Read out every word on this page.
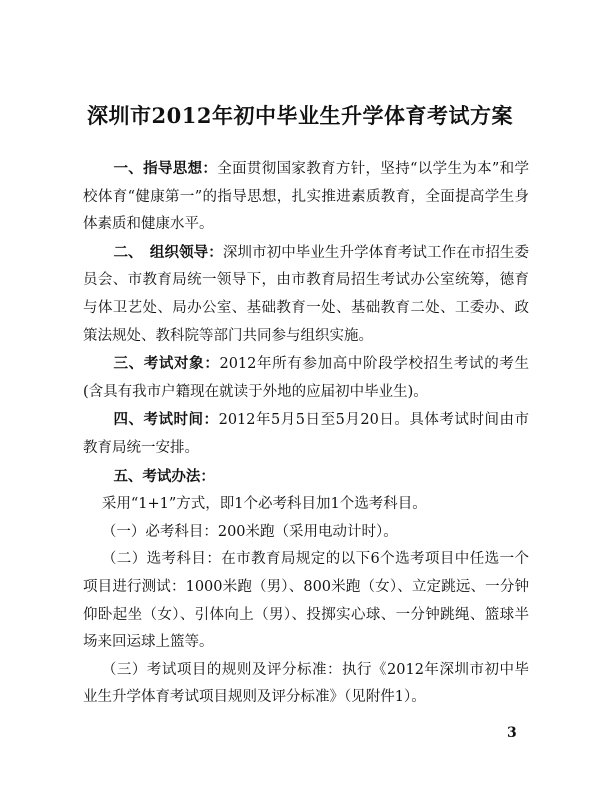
深圳市2012年初中毕业生升学体育考试方案

一、指导思想：全面贯彻国家教育方针，坚持“以学生为本”和学校体育“健康第一”的指导思想，扎实推进素质教育，全面提高学生身体素质和健康水平。

二、　组织领导：深圳市初中毕业生升学体育考试工作在市招生委员会、市教育局统一领导下，由市教育局招生考试办公室统筹，德育与体卫艺处、局办公室、基础教育一处、基础教育二处、工委办、政策法规处、教科院等部门共同参与组织实施。

三、考试对象：2012年所有参加高中阶段学校招生考试的考生(含具有我市户籍现在就读于外地的应届初中毕业生)。

四、考试时间：2012年5月5日至5月20日。具体考试时间由市教育局统一安排。

五、考试办法：

采用“1+1”方式，即1个必考科目加1个选考科目。

（一）必考科目：200米跑（采用电动计时）。

（二）选考科目：在市教育局规定的以下6个选考项目中任选一个项目进行测试：1000米跑（男）、800米跑（女）、立定跳远、一分钟仰卧起坐（女）、引体向上（男）、投掷实心球、一分钟跳绳、篮球半场来回运球上篮等。

（三）考试项目的规则及评分标准：执行《2012年深圳市初中毕业生升学体育考试项目规则及评分标准》（见附件1）。

3
